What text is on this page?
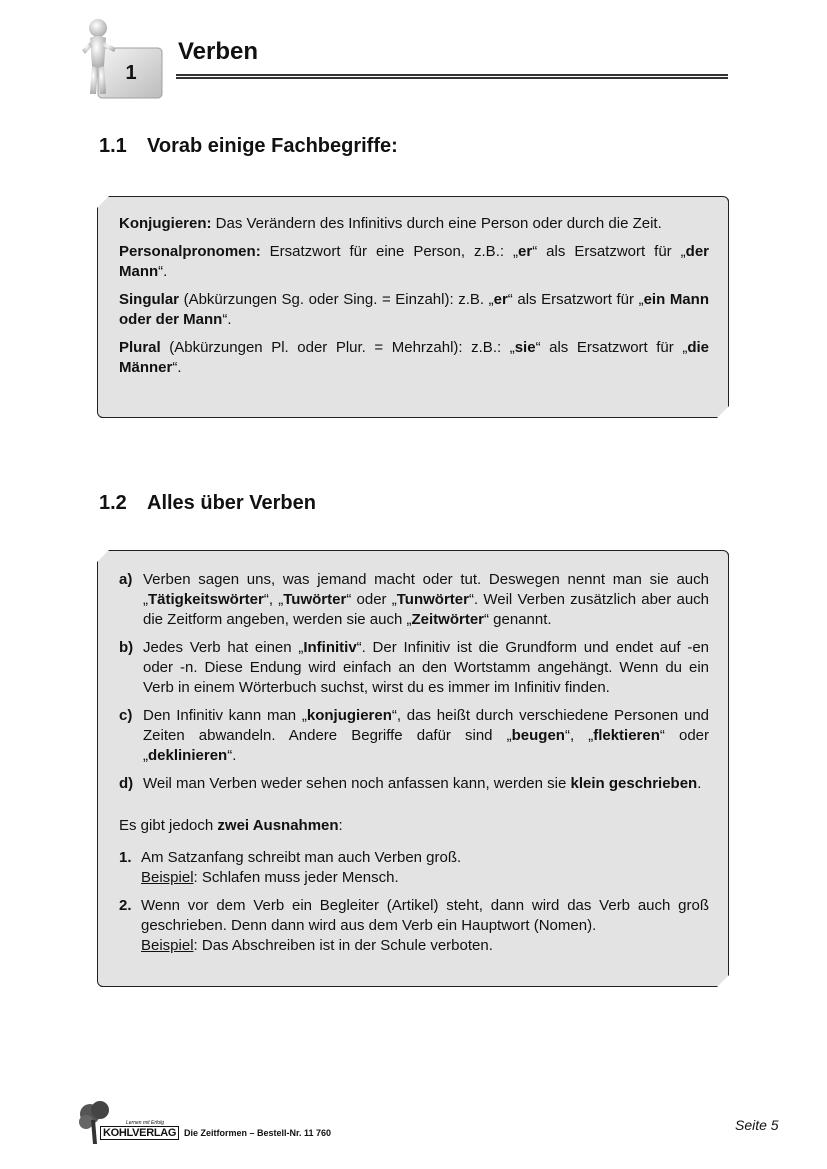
1
Verben
1.1 Vorab einige Fachbegriffe:

Konjugieren: Das Verändern des Infinitivs durch eine Person oder durch die Zeit.

Personalpronomen: Ersatzwort für eine Person, z.B.: „er“ als Ersatzwort für „der Mann“.

Singular (Abkürzungen Sg. oder Sing. = Einzahl): z.B. „er“ als Ersatzwort für „ein Mann oder der Mann“.

Plural (Abkürzungen Pl. oder Plur. = Mehrzahl): z.B.: „sie“ als Ersatzwort für „die Männer“.

1.2 Alles über Verben
a) Verben sagen uns, was jemand macht oder tut. Deswegen nennt man sie auch „Tätigkeitswörter“, „Tuwörter“ oder „Tunwörter“. Weil Verben zusätzlich aber auch die Zeitform angeben, werden sie auch „Zeitwörter“ genannt.
b) Jedes Verb hat einen „Infinitiv“. Der Infinitiv ist die Grundform und endet auf -en oder -n. Diese Endung wird einfach an den Wortstamm angehängt. Wenn du ein Verb in einem Wörterbuch suchst, wirst du es immer im Infinitiv finden.
c) Den Infinitiv kann man „konjugieren“, das heißt durch verschiedene Personen und Zeiten abwandeln. Andere Begriffe dafür sind „beugen“, „flektieren“ oder „deklinieren“.
d) Weil man Verben weder sehen noch anfassen kann, werden sie klein geschrieben.

Es gibt jedoch zwei Ausnahmen:

1. Am Satzanfang schreibt man auch Verben groß.
Beispiel: Schlafen muss jeder Mensch.
2. Wenn vor dem Verb ein Begleiter (Artikel) steht, dann wird das Verb auch groß geschrieben. Denn dann wird aus dem Verb ein Hauptwort (Nomen).
Beispiel: Das Abschreiben ist in der Schule verboten.
Lernen mit Erfolg
KOHLVERLAG Die Zeitformen – Bestell-Nr. 11 760	Seite 5
